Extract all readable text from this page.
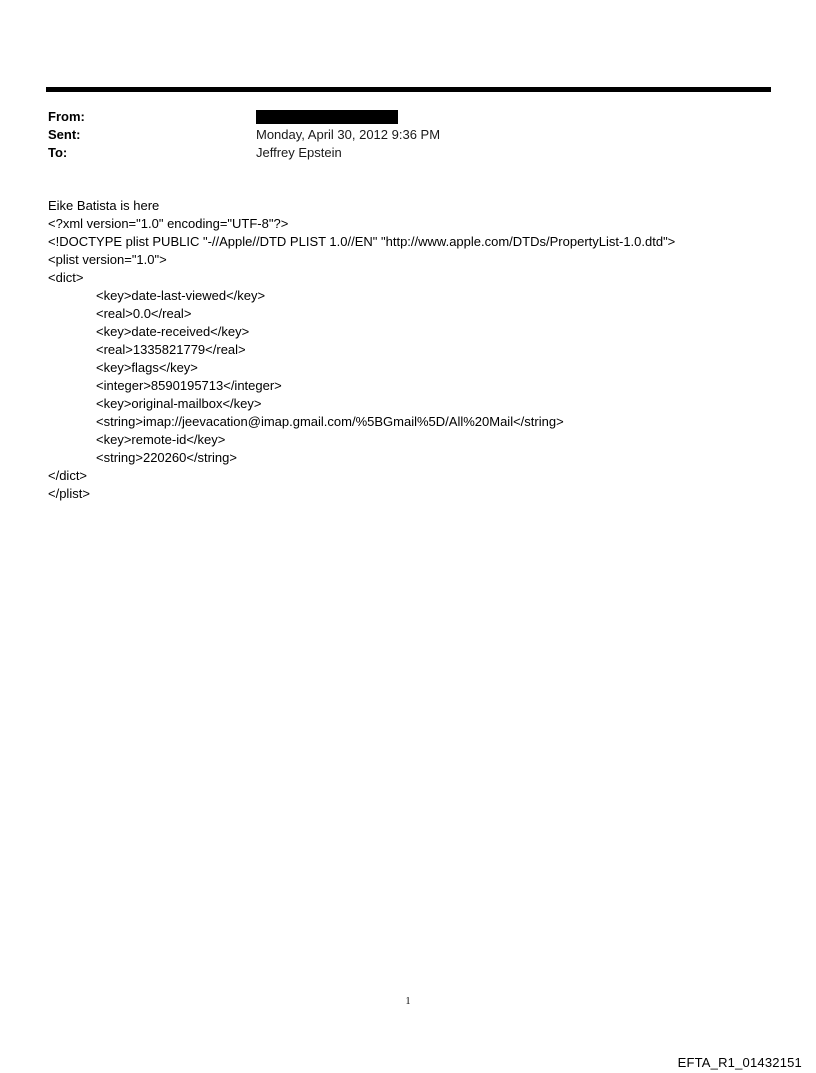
From:
Sent:	Monday, April 30, 2012 9:36 PM
To:	Jeffrey Epstein
Eike Batista is here
<?xml version="1.0" encoding="UTF-8"?>
<!DOCTYPE plist PUBLIC "-//Apple//DTD PLIST 1.0//EN" "http://www.apple.com/DTDs/PropertyList-1.0.dtd">
<plist version="1.0">
<dict>
<key>date-last-viewed</key>
<real>0.0</real>
<key>date-received</key>
<real>1335821779</real>
<key>flags</key>
<integer>8590195713</integer>
<key>original-mailbox</key>
<string>imap://jeevacation@imap.gmail.com/%5BGmail%5D/All%20Mail</string>
<key>remote-id</key>
<string>220260</string>
</dict>
</plist>
1
EFTA_R1_01432151
